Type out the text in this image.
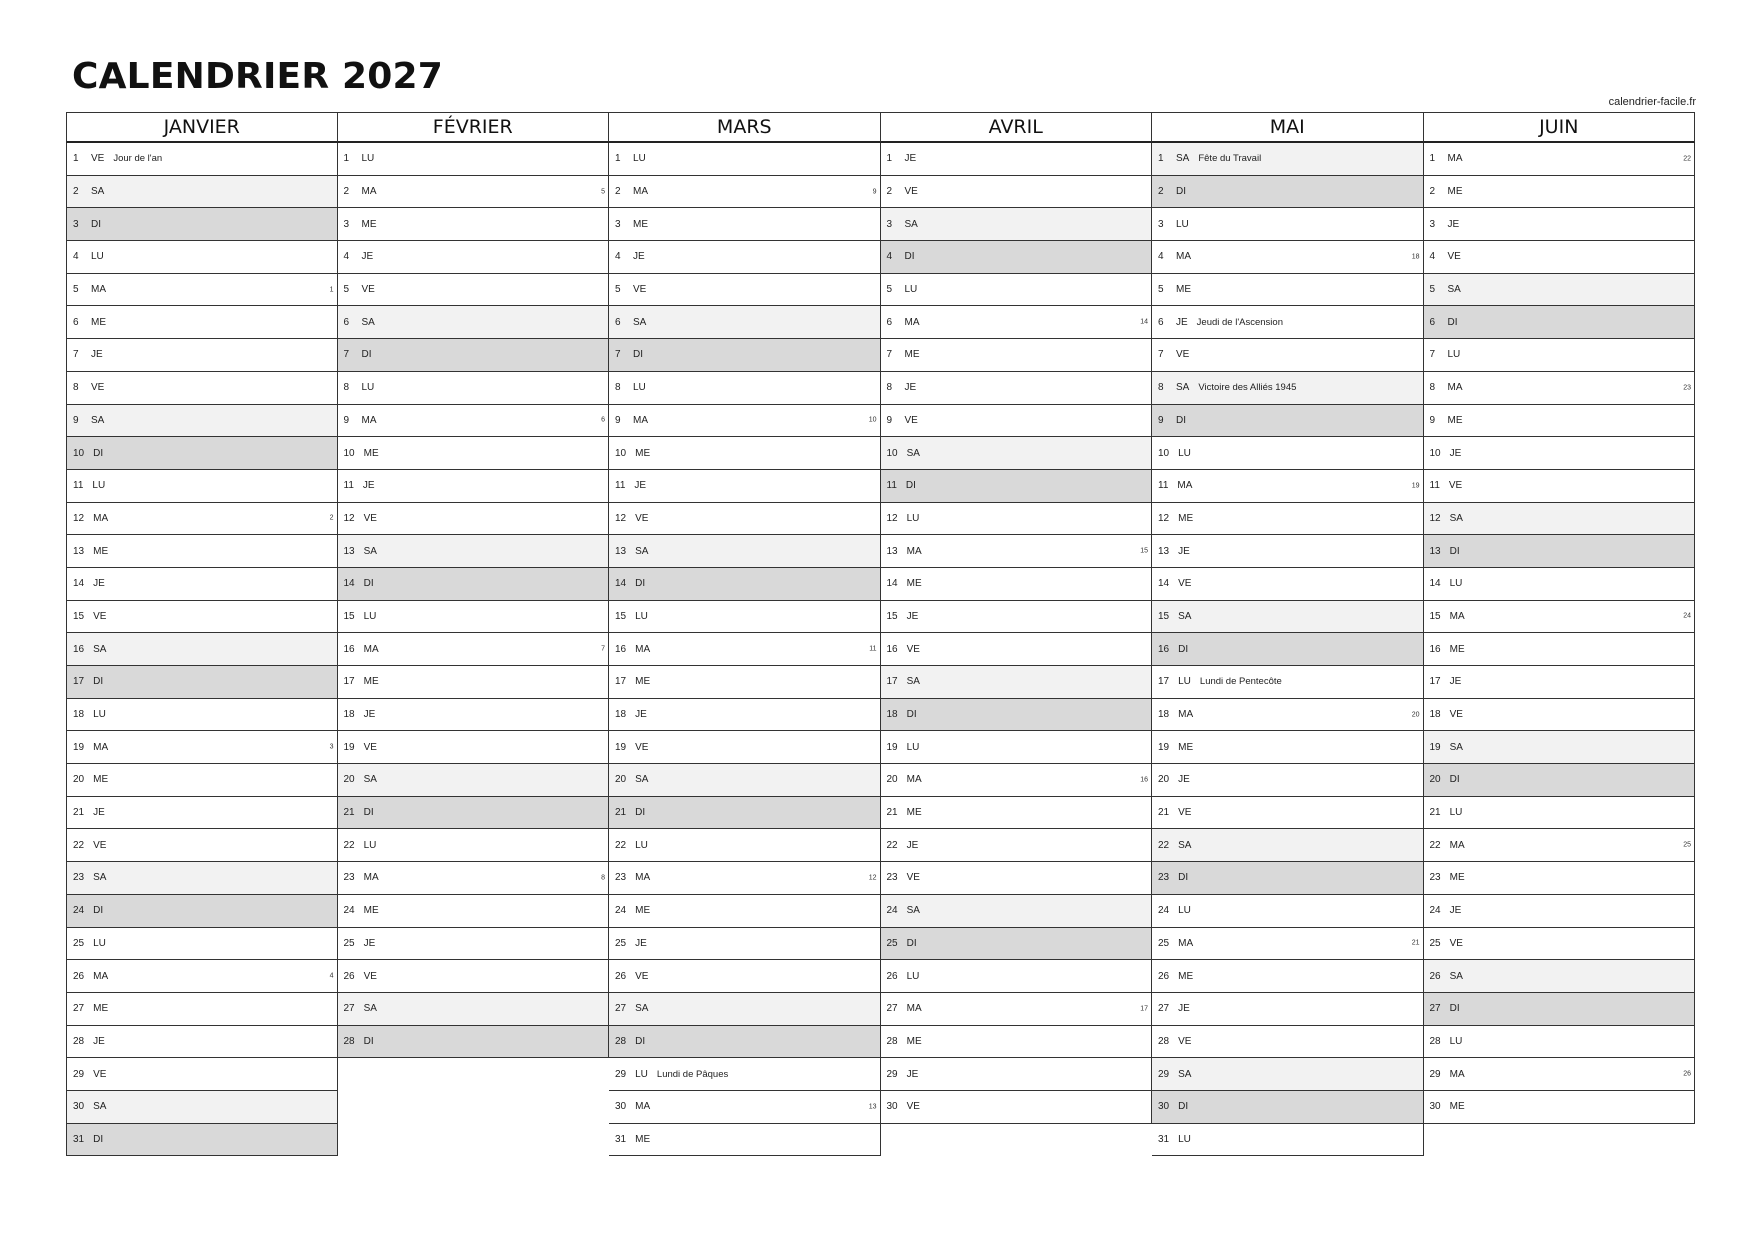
CALENDRIER 2027
calendrier-facile.fr
JANVIER
1	VE Jour de l'an
2	SA
3	DI
4	LU
5	MA	1
6	ME
7	JE
8	VE
9	SA
10 DI
11 LU
12 MA	2
13 ME
14 JE
15 VE
16 SA
17 DI
18 LU
19 MA	3
20 ME
21 JE
22 VE
23 SA
24 DI
25 LU
26 MA	4
27 ME
28 JE
29 VE
30 SA
31 DI
FÉVRIER
1	LU
2	MA	5
3	ME
4	JE
5	VE
6	SA
7	DI
8	LU
9	MA	6
10 ME
11 JE
12 VE
13 SA
14 DI
15 LU
16 MA	7
17 ME
18 JE
19 VE
20 SA
21 DI
22 LU
23 MA	8
24 ME
25 JE
26 VE
27 SA
28 DI
MARS
1	LU
2	MA	9
3	ME
4	JE
5	VE
6	SA
7	DI
8	LU
9	MA	10
10 ME
11 JE
12 VE
13 SA
14 DI
15 LU
16 MA	11
17 ME
18 JE
19 VE
20 SA
21 DI
22 LU
23 MA	12
24 ME
25 JE
26 VE
27 SA
28 DI
29 LU Lundi de Pâques
30 MA	13
31 ME
AVRIL
1	JE
2	VE
3	SA
4	DI
5	LU
6	MA	14
7	ME
8	JE
9	VE
10 SA
11 DI
12 LU
13 MA	15
14 ME
15 JE
16 VE
17 SA
18 DI
19 LU
20 MA	16
21 ME
22 JE
23 VE
24 SA
25 DI
26 LU
27 MA	17
28 ME
29 JE
30 VE
MAI
1	SA Fête du Travail
2	DI
3	LU
4	MA	18
5	ME
6	JE Jeudi de l'Ascension
7	VE
8	SA Victoire des Alliés 1945
9	DI
10 LU
11 MA	19
12 ME
13 JE
14 VE
15 SA
16 DI
17 LU Lundi de Pentecôte
18 MA	20
19 ME
20 JE
21 VE
22 SA
23 DI
24 LU
25 MA	21
26 ME
27 JE
28 VE
29 SA
30 DI
31 LU
JUIN
1	MA	22
2	ME
3	JE
4	VE
5	SA
6	DI
7	LU
8	MA	23
9	ME
10 JE
11 VE
12 SA
13 DI
14 LU
15 MA	24
16 ME
17 JE
18 VE
19 SA
20 DI
21 LU
22 MA	25
23 ME
24 JE
25 VE
26 SA
27 DI
28 LU
29 MA	26
30 ME
